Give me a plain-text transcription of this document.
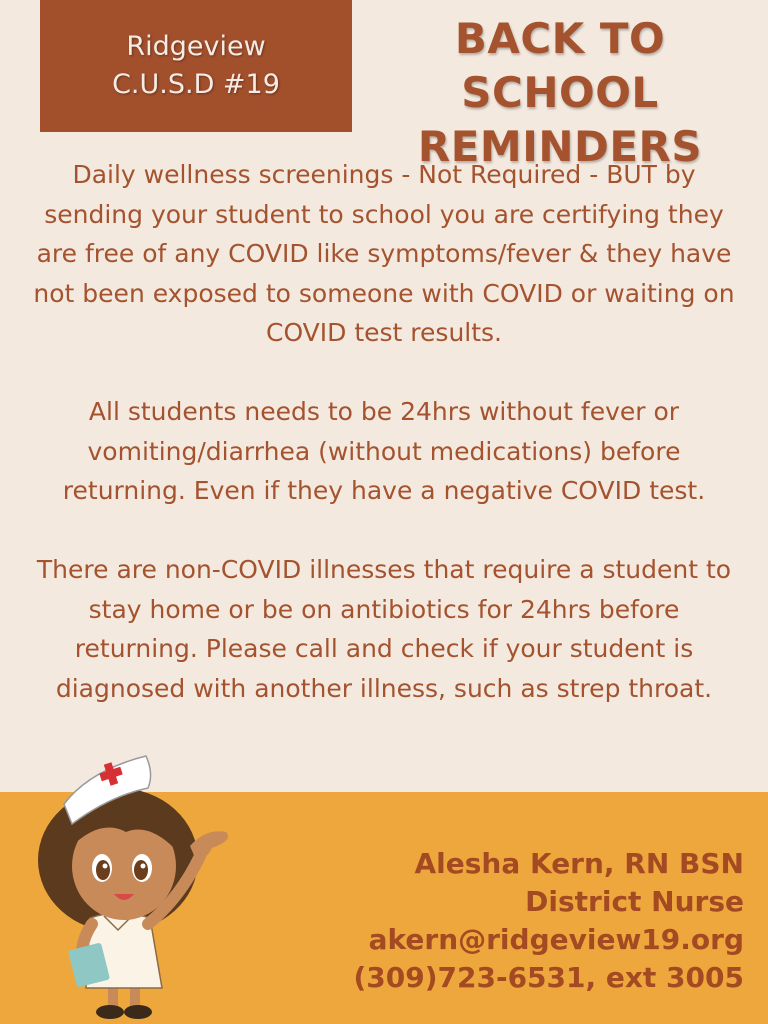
Ridgeview
C.U.S.D #19
BACK TO SCHOOL
REMINDERS

Daily wellness screenings - Not Required - BUT by sending your student to school you are certifying they are free of any COVID like symptoms/fever & they have not been exposed to someone with COVID or waiting on COVID test results.

All students needs to be 24hrs without fever or vomiting/diarrhea (without medications) before returning. Even if they have a negative COVID test.

There are non-COVID illnesses that require a student to stay home or be on antibiotics for 24hrs before returning. Please call and check if your student is diagnosed with another illness, such as strep throat.

Alesha Kern, RN BSN
District Nurse
akern@ridgeview19.org
(309)723-6531, ext 3005
